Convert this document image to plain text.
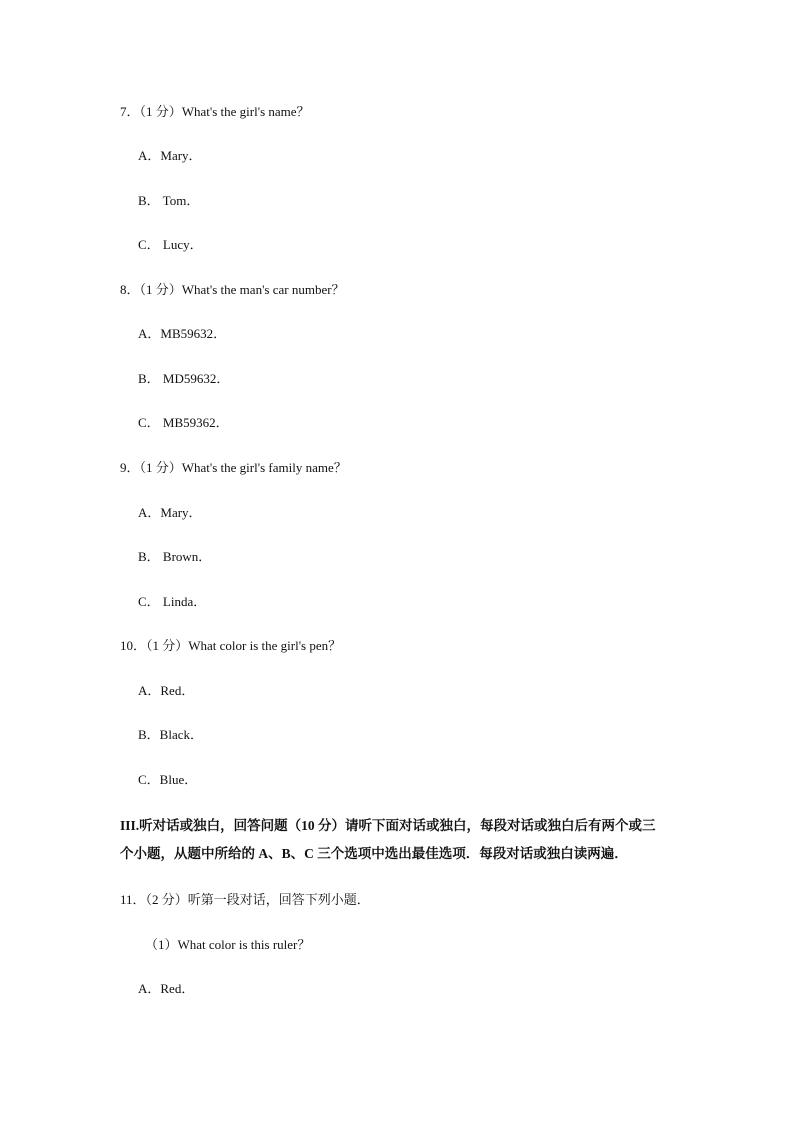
7．（1 分）What's the girl's name？
A．Mary．
B． Tom．
C． Lucy．
8．（1 分）What's the man's car number？
A．MB59632．
B． MD59632．
C． MB59362．
9．（1 分）What's the girl's family name？
A．Mary．
B． Brown．
C． Linda．
10．（1 分）What color is the girl's pen？
A．Red．
B．Black．
C．Blue．
III.听对话或独白，回答问题（10 分）请听下面对话或独白，每段对话或独白后有两个或三
个小题，从题中所给的 A、B、C 三个选项中选出最佳选项．每段对话或独白读两遍．
11．（2 分）听第一段对话，回答下列小题．
（1）What color is this ruler？
A．Red．
